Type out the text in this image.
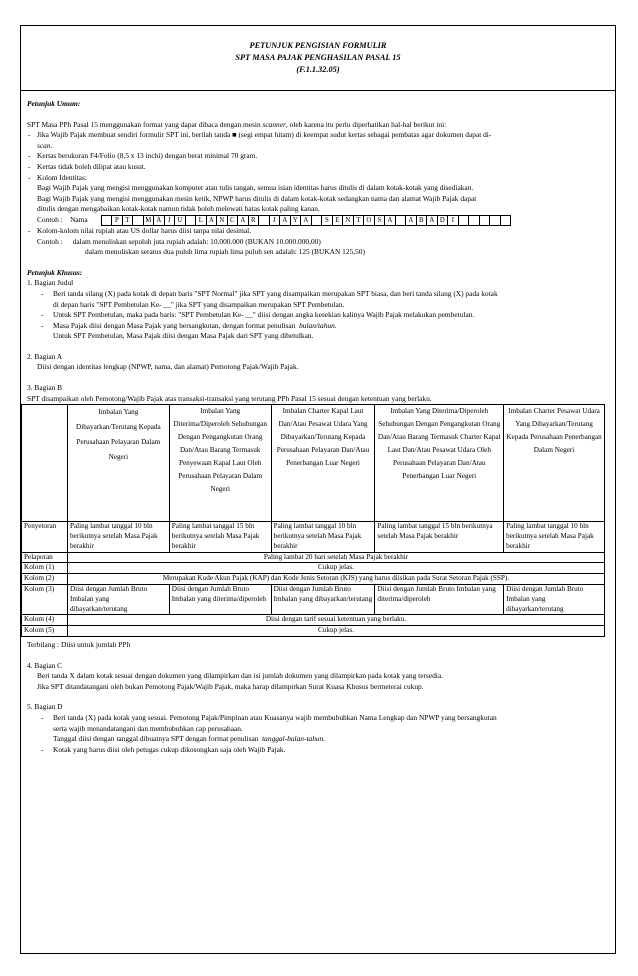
PETUNJUK PENGISIAN FORMULIR
SPT MASA PAJAK PENGHASILAN PASAL 15
(F.1.1.32.05)
Petunjuk Umum:

SPT Masa PPh Pasal 15 menggunakan format yang dapat dibaca dengan mesin scanner, oleh karena itu perlu diperhatikan hal-hal berikut ini:

- Jika Wajib Pajak membuat sendiri formulir SPT ini, berilah tanda ■ (segi empat hitam) di keempat sudut kertas sebagai pembatas agar dokumen dapat di-
scan.
- Kertas berukuran F4/Folio (8,5 x 13 inchi) dengan berat minimal 70 gram.
- Kertas tidak boleh dilipat atau kusut.
- Kolom Identitas:
Bagi Wajib Pajak yang mengisi menggunakan komputer atau tulis tangan, semua isian identitas harus ditulis di dalam kotak-kotak yang disediakan.
Bagi Wajib Pajak yang mengisi menggunakan mesin ketik, NPWP harus ditulis di dalam kotak-kotak sedangkan nama dan alamat Wajib Pajak dapat
ditulis dengan mengabaikan kotak-kotak namun tidak boleh melewati batas kotak paling kanan.
Contoh : Nama	P T	M A J U	L A N C A R	J A Y A	S E N T O S A	A B A D	I
- Kolom-kolom nilai rupiah atau US dollar harus diisi tanpa nilai desimal.
Contoh : dalam menuliskan sepuluh juta rupiah adalah: 10.000.000 (BUKAN 10.000.000,00)
dalam menuliskan seratus dua puluh lima rupiah lima puluh sen adalah: 125 (BUKAN 125,50)
Petunjuk Khusus:
1. Bagian Judul
- Beri tanda silang (X) pada kotak di depan baris "SPT Normal" jika SPT yang disampaikan merupakan SPT biasa, dan beri tanda silang (X) pada kotak
di depan baris "SPT Pembetulan Ke- __" jika SPT yang disampaikan merupakan SPT Pembetulan.
- Untuk SPT Pembetulan, maka pada baris: "SPT Pembetulan Ke- __" diisi dengan angka kesekian kalinya Wajib Pajak melakukan pembetulan.
- Masa Pajak diisi dengan Masa Pajak yang bersangkutan, dengan format penulisan  bulan/tahun.
Untuk SPT Pembetulan, Masa Pajak diisi dengan Masa Pajak dari SPT yang dibetulkan.
2. Bagian A
Diisi dengan identitas lengkap (NPWP, nama, dan alamat) Pemotong Pajak/Wajib Pajak.
3. Bagian B
SPT disampaikan oleh Pemotong/Wajib Pajak atas transaksi-transaksi yang terutang PPh Pasal 15 sesuai dengan ketentuan yang berlaku.
	Imbalan Yang Dibayarkan/Terutang Kepada Perusahaan Pelayaran Dalam Negeri	Imbalan Yang Diterima/Diperoleh Sehubungan Dengan Pengangkutan Orang Dan/Atau Barang Termasuk Penyewaan Kapal Laut Oleh Perusahaan Pelayaran Dalam Negeri	Imbalan Charter Kapal Laut Dan/Atau Pesawat Udara Yang Dibayarkan/Terutang Kepada Perusahaan Pelayaran Dan/Atau Penerbangan Luar Negeri	Imbalan Yang Diterima/Diperoleh Sehubungan Dengan Pengangkutan Orang Dan/Atau Barang Termasuk Charter Kapal Laut Dan/Atau Pesawat Udara Oleh Perusahaan Pelayaran Dan/Atau Penerbangan Luar Negeri	Imbalan Charter Pesawat Udara Yang Dibayarkan/Terutang Kepada Perusahaan Penerbangan Dalam Negeri
Penyetoran	Paling lambat tanggal 10 bln berikutnya setelah Masa Pajak berakhir	Paling lambat tanggal 15 bln berikutnya setelah Masa Pajak berakhir	Paling lambat tanggal 10 bln berikutnya setelah Masa Pajak berakhir	Paling lambat tanggal 15 bln berikutnya setelah Masa Pajak berakhir	Paling lambat tanggal 10 bln berikutnya setelah Masa Pajak berakhir
Pelaporan	Paling lambat 20 hari setelah Masa Pajak berakhir				
Kolom (1)	Cukup jelas.				
Kolom (2)	Merupakan Kode Akun Pajak (KAP) dan Kode Jenis Setoran (KJS) yang harus diisikan pada Surat Setoran Pajak (SSP).				
Kolom (3)	Diisi dengan Jumlah Bruto Imbalan yang dibayarkan/terutang	Diisi dengan Jumlah Bruto Imbalan yang diterima/diperoleh	Diisi dengan Jumlah Bruto Imbalan yang dibayarkan/terutang	Diisi dengan Jumlah Bruto Imbalan yang diterima/diperoleh	Diisi dengan Jumlah Bruto Imbalan yang dibayarkan/terutang
Kolom (4)	Diisi dengan tarif sesuai ketentuan yang berlaku.				
Kolom (5)	Cukup jelas.				
Terbilang : Diisi untuk jumlah PPh
4. Bagian C
Beri tanda X dalam kotak sesuai dengan dokumen yang dilampirkan dan isi jumlah dokumen yang dilampirkan pada kotak yang tersedia.
Jika SPT ditandatangani oleh bukan Pemotong Pajak/Wajib Pajak, maka harap dilampirkan Surat Kuasa Khusus bermeterai cukup.
5. Bagian D
- Beri tanda (X) pada kotak yang sesuai. Pemotong Pajak/Pimpinan atau Kuasanya wajib membubuhkan Nama Lengkap dan NPWP yang bersangkutan
serta wajib menandatangani dan membubuhkan cap perusahaan.
Tanggal diisi dengan tanggal dibuatnya SPT dengan format penulisan  tanggal-bulan-tahun.
- Kotak yang harus diisi oleh petugas cukup dikosongkan saja oleh Wajib Pajak.
